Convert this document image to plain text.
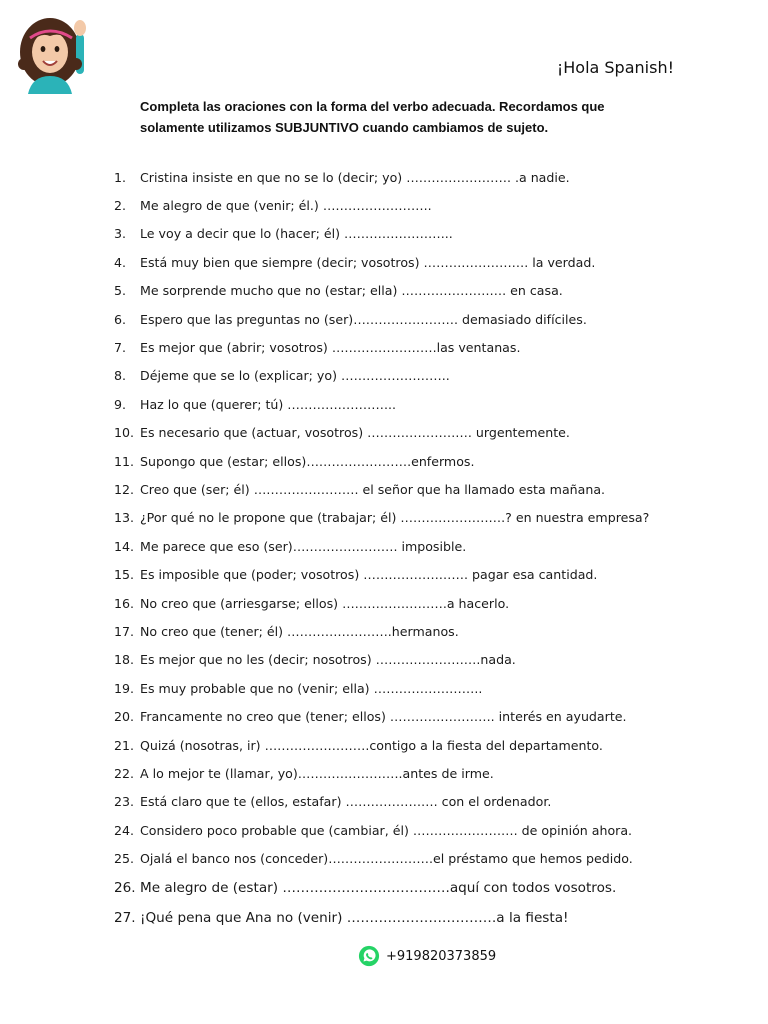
¡Hola Spanish!
Completa las oraciones con la forma del verbo adecuada. Recordamos que
solamente utilizamos SUBJUNTIVO cuando cambiamos de sujeto.
1.	Cristina insiste en que no se lo (decir; yo) ……………………. .a nadie.
2.	Me alegro de que (venir; él.) ……………………..
3.	Le voy a decir que lo (hacer; él) ……………………..
4.	Está muy bien que siempre (decir; vosotros) ……………………. la verdad.
5.	Me sorprende mucho que no (estar; ella) ……………………. en casa.
6.	Espero que las preguntas no (ser)……………………. demasiado difíciles.
7.	Es mejor que (abrir; vosotros) …………………….las ventanas.
8.	Déjeme que se lo (explicar; yo) ……………………..
9.	Haz lo que (querer; tú) ……………………..
10. Es necesario que (actuar, vosotros) ……………………. urgentemente.
11. Supongo que (estar; ellos)…………………….enfermos.
12. Creo que (ser; él) ……………………. el señor que ha llamado esta mañana.
13. ¿Por qué no le propone que (trabajar; él) …………………….? en nuestra empresa?
14. Me parece que eso (ser)……………………. imposible.
15. Es imposible que (poder; vosotros) ……………………. pagar esa cantidad.
16. No creo que (arriesgarse; ellos) …………………….a hacerlo.
17. No creo que (tener; él) …………………….hermanos.
18. Es mejor que no les (decir; nosotros) …………………….nada.
19. Es muy probable que no (venir; ella) ……………………..
20. Francamente no creo que (tener; ellos) ……………………. interés en ayudarte.
21. Quizá (nosotras, ir) …………………….contigo a la fiesta del departamento.
22. A lo mejor te (llamar, yo)…………………….antes de irme.
23. Está claro que te (ellos, estafar) …………………. con el ordenador.
24. Considero poco probable que (cambiar, él) ……………………. de opinión ahora.
25. Ojalá el banco nos (conceder)…………………….el préstamo que hemos pedido.
26. Me alegro de (estar) ……………………………….aquí con todos vosotros.
27. ¡Qué pena que Ana no (venir) ……………………………a la fiesta!
+919820373859
